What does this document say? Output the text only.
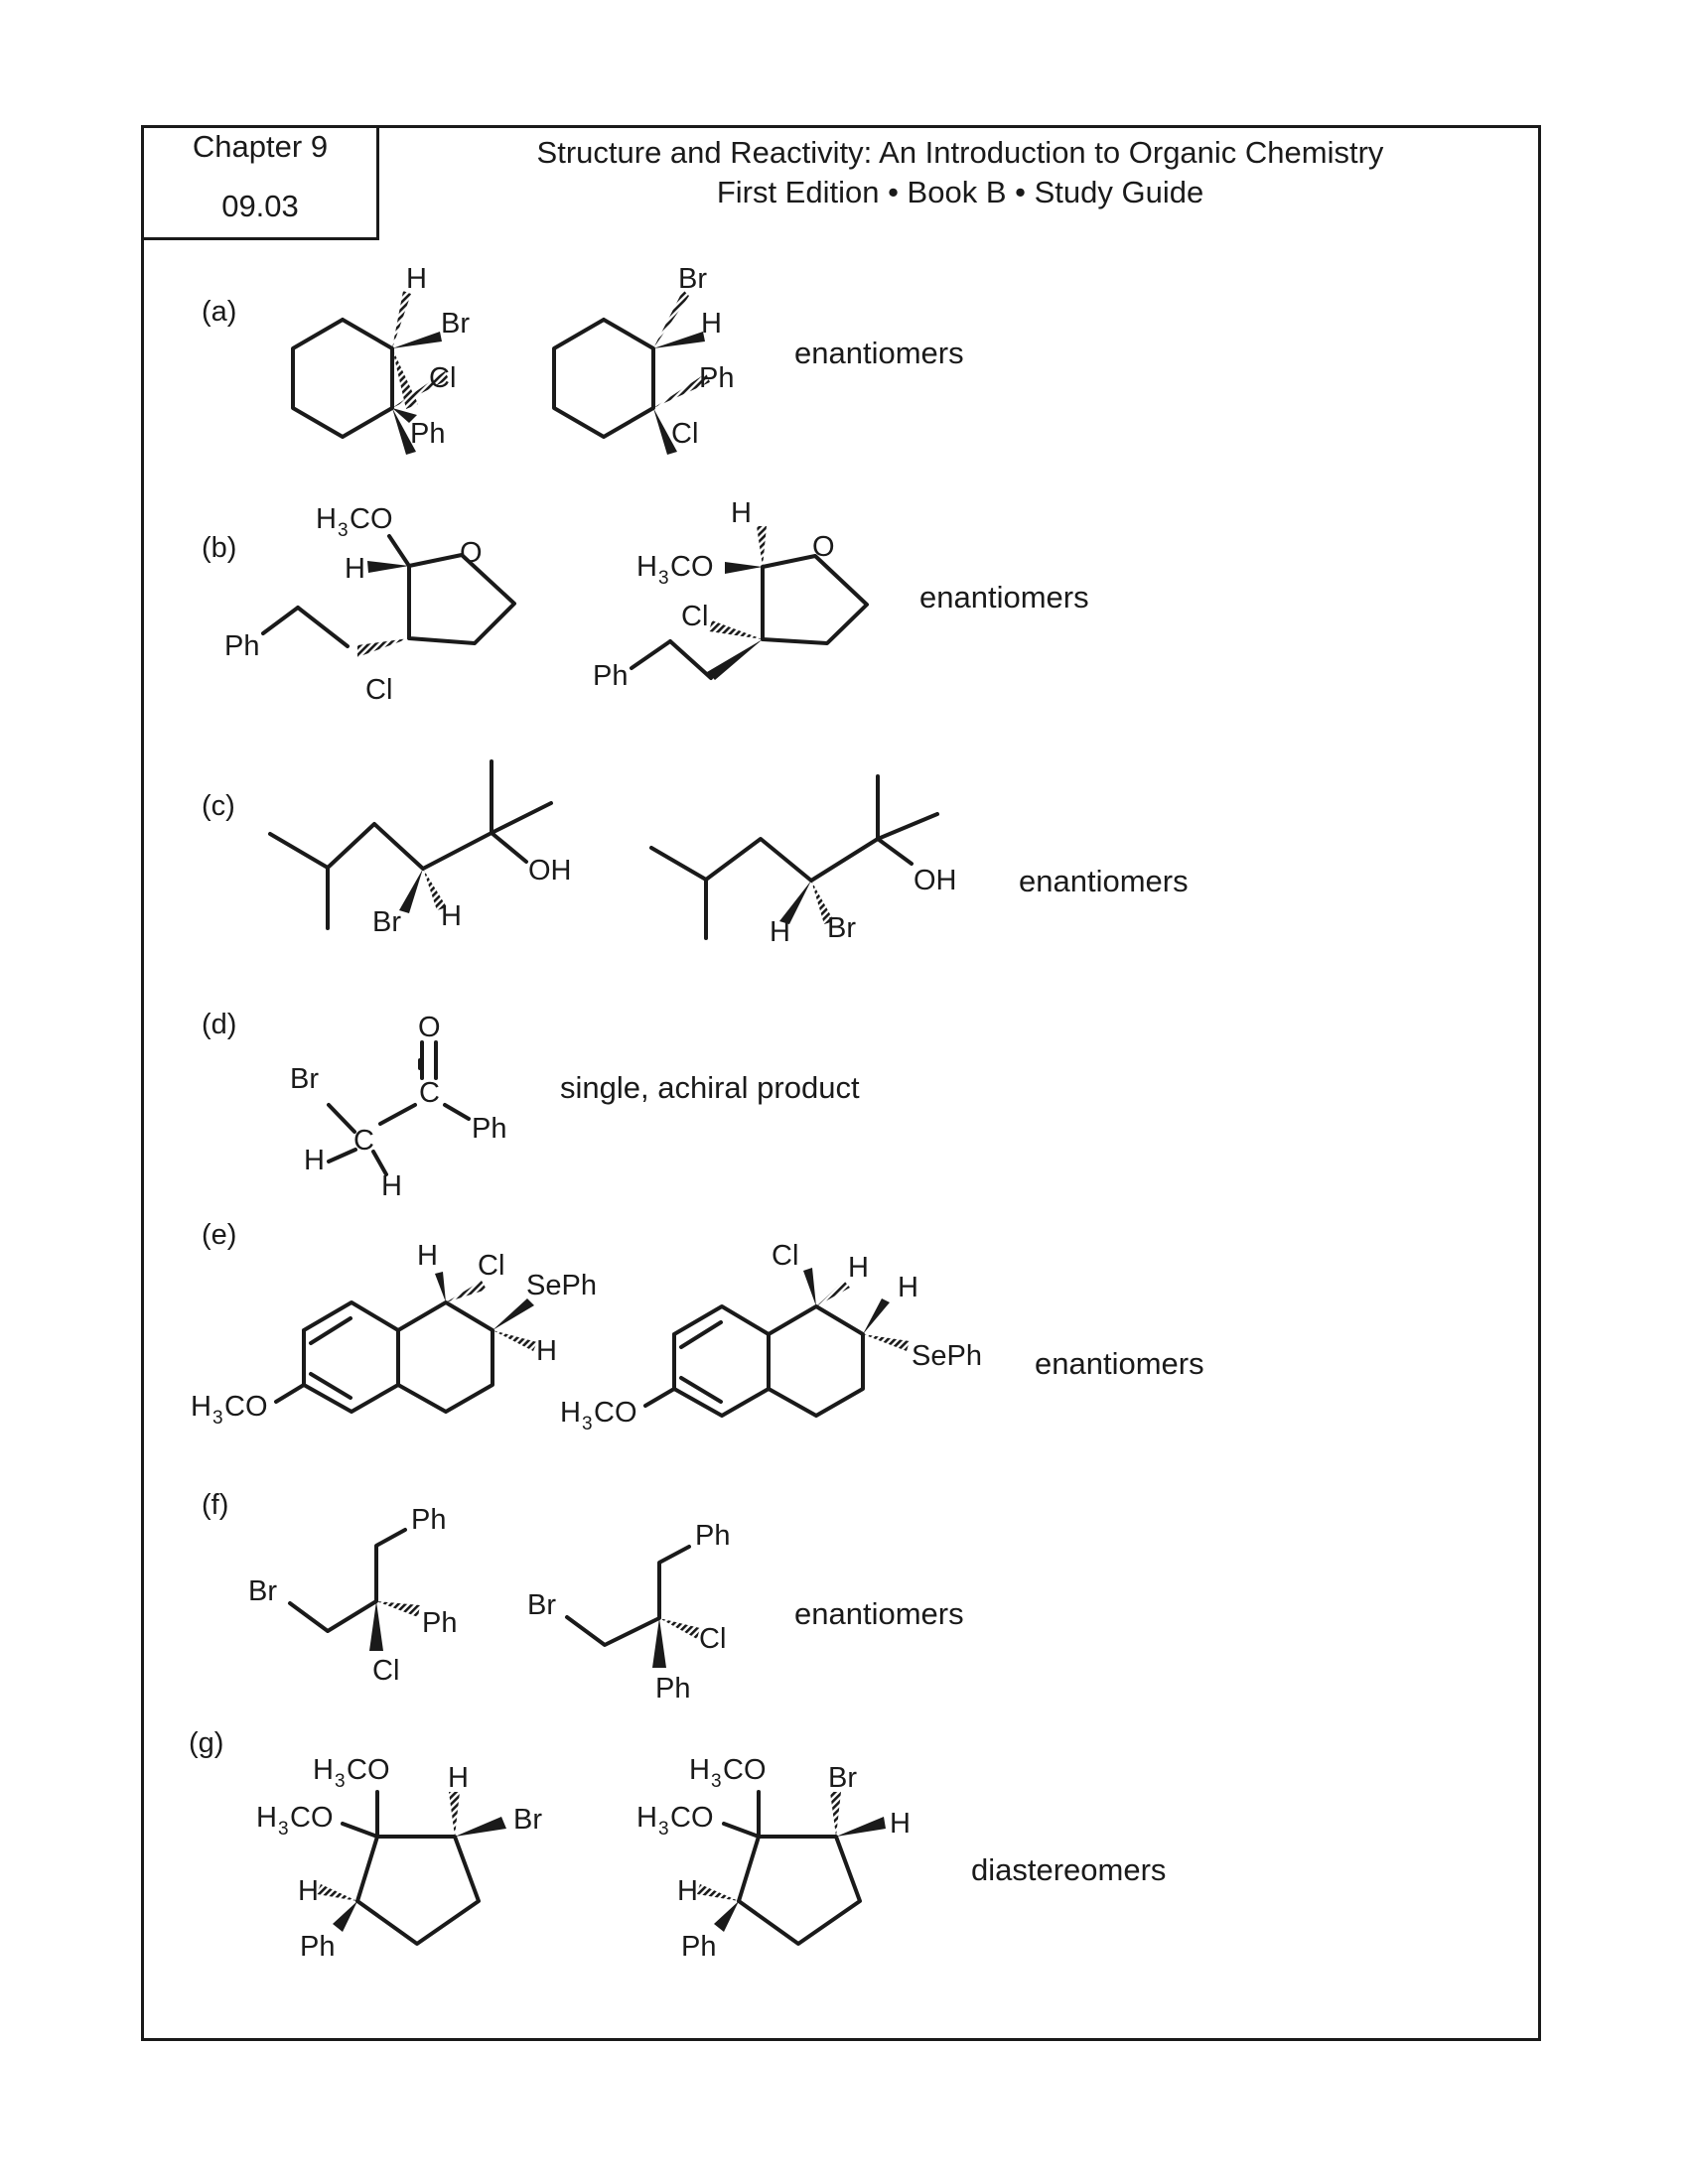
Chapter 9
09.03
Structure and Reactivity: An Introduction to Organic Chemistry
First Edition • Book B • Study Guide
(a)
(b)
(c)
(d)
(e)
(f)
(g)
enantiomers
enantiomers
enantiomers
single, achiral product
enantiomers
enantiomers
diastereomers
H
Br
Cl
Ph
Br
H
Ph
Cl
H 3 CO
H	O
Ph
Cl
H
H 3 CO
O
Cl
Ph
OH
Br H
OH
H Br
O
C
Br
C	Ph
H
H
H Cl
SePh
H
H 3 CO
Cl H
H
SePh
H 3 CO
Ph
Br
Ph
Cl
Ph
Br
Cl
Ph
H 3 CO H
H 3 CO	Br
H
Ph
H 3 CO Br
H 3 CO	H
H
Ph
